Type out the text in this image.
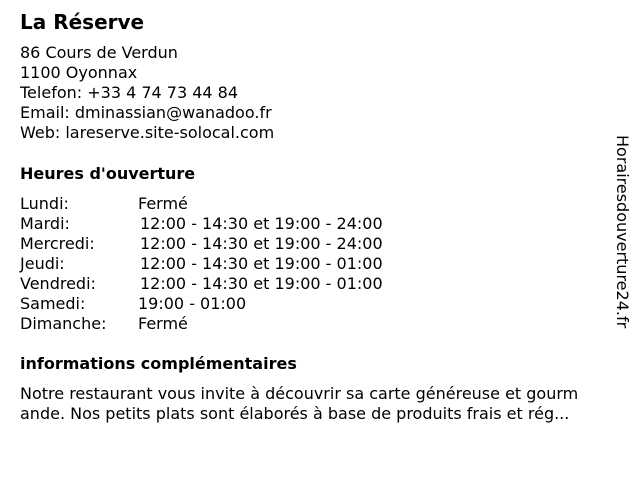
La Réserve
86 Cours de Verdun
1100 Oyonnax
Telefon: +33 4 74 73 44 84
Email: dminassian@wanadoo.fr
Web: lareserve.site-solocal.com
Heures d'ouverture
Lundi:	Fermé
Mardi:	12:00 - 14:30 et 19:00 - 24:00
Mercredi:	12:00 - 14:30 et 19:00 - 24:00
Jeudi:	12:00 - 14:30 et 19:00 - 01:00
Vendredi:	12:00 - 14:30 et 19:00 - 01:00
Samedi:	19:00 - 01:00
Dimanche: Fermé
informations complémentaires
Notre restaurant vous invite à découvrir sa carte généreuse et gourm
ande. Nos petits plats sont élaborés à base de produits frais et rég...
Horairesdouverture24.fr
